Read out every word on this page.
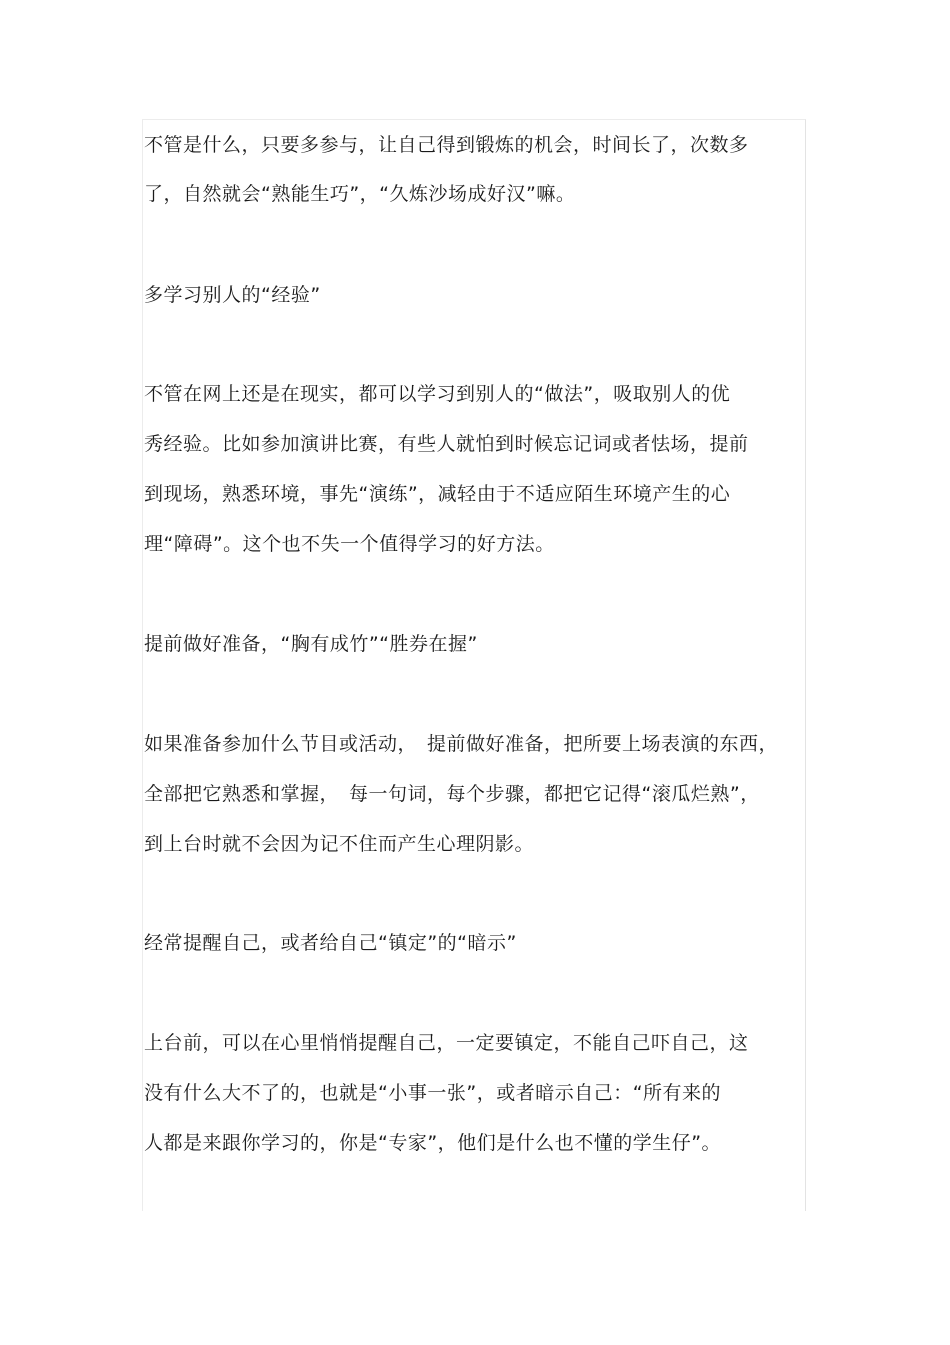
不管是什么，只要多参与，让自己得到锻炼的机会，时间长了，次数多
了，自然就会“熟能生巧”，“久炼沙场成好汉”嘛。
多学习别人的“经验”
不管在网上还是在现实，都可以学习到别人的“做法”，吸取别人的优
秀经验。比如参加演讲比赛，有些人就怕到时候忘记词或者怯场，提前
到现场，熟悉环境，事先“演练”，减轻由于不适应陌生环境产生的心
理“障碍”。这个也不失一个值得学习的好方法。
提前做好准备，“胸有成竹”“胜券在握”
如果准备参加什么节目或活动，　提前做好准备，把所要上场表演的东西，
全部把它熟悉和掌握，　每一句词，每个步骤，都把它记得“滚瓜烂熟”，
到上台时就不会因为记不住而产生心理阴影。
经常提醒自己，或者给自己“镇定”的“暗示”
上台前，可以在心里悄悄提醒自己，一定要镇定，不能自己吓自己，这
没有什么大不了的，也就是“小事一张”，或者暗示自己：“所有来的
人都是来跟你学习的，你是“专家”，他们是什么也不懂的学生仔”。
